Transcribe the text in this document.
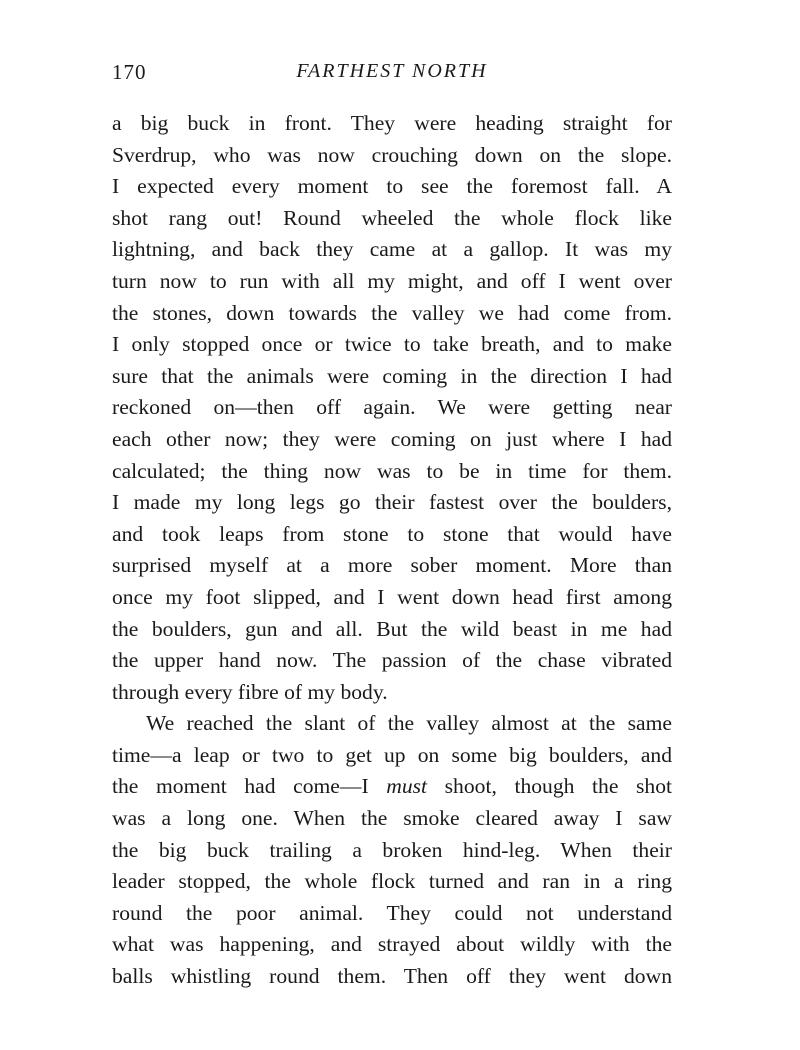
170	FARTHEST NORTH
a big buck in front. They were heading straight for
Sverdrup, who was now crouching down on the slope.
I expected every moment to see the foremost fall. A
shot rang out! Round wheeled the whole flock like
lightning, and back they came at a gallop. It was my
turn now to run with all my might, and off I went over
the stones, down towards the valley we had come from.
I only stopped once or twice to take breath, and to make
sure that the animals were coming in the direction I had
reckoned on—then off again. We were getting near
each other now; they were coming on just where I had
calculated; the thing now was to be in time for them.
I made my long legs go their fastest over the boulders,
and took leaps from stone to stone that would have
surprised myself at a more sober moment. More than
once my foot slipped, and I went down head first among
the boulders, gun and all. But the wild beast in me had
the upper hand now. The passion of the chase vibrated
through every fibre of my body.
We reached the slant of the valley almost at the same
time—a leap or two to get up on some big boulders, and
the moment had come—I must shoot, though the shot
was a long one. When the smoke cleared away I saw
the big buck trailing a broken hind-leg. When their
leader stopped, the whole flock turned and ran in a ring
round the poor animal. They could not understand
what was happening, and strayed about wildly with the
balls whistling round them. Then off they went down
